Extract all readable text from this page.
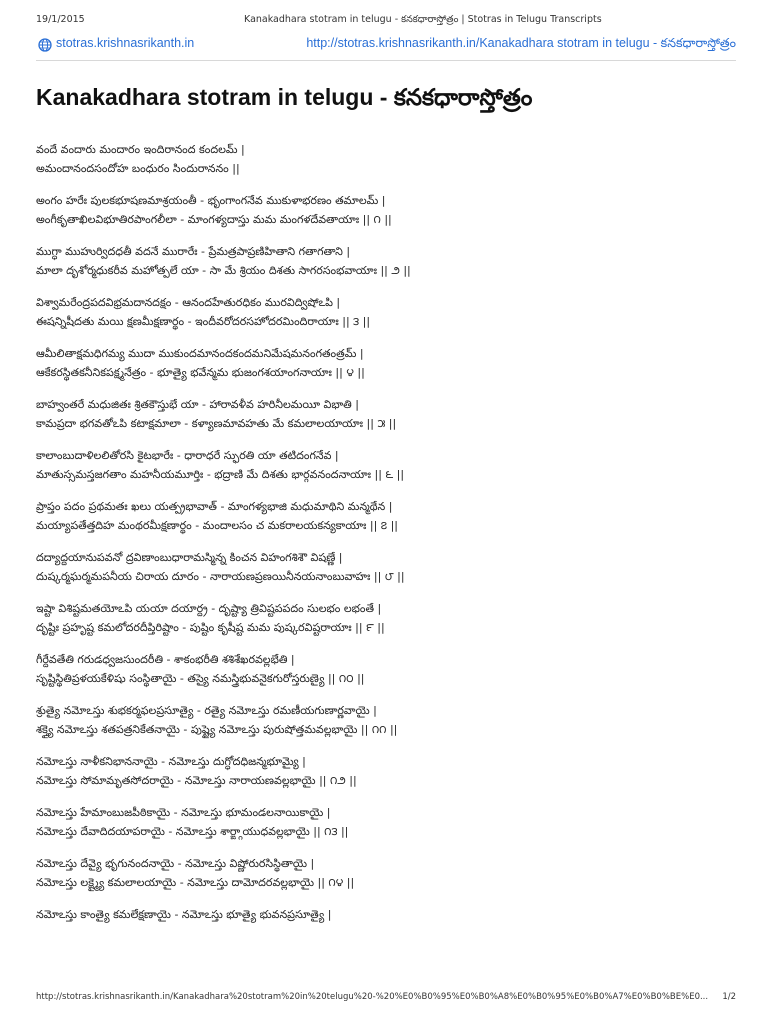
19/1/2015	Kanakadhara stotram in telugu - కనకధారాస్తోత్రం | Stotras in Telugu Transcripts
stotras.krishnasrikanth.in	http://stotras.krishnasrikanth.in/Kanakadhara stotram in telugu - కనకధారాస్తోత్రం
Kanakadhara stotram in telugu - కనకధారాస్తోత్రం
వందే వందారు మందారం ఇందిరానంద కందలమ్ |
అమందానందసందోహ బంధురం సిందురాననం ||
అంగం హరేః పులకభూషణమాశ్రయంతీ - భృంగాంగనేవ ముకుళాభరణం తమాలమ్ |
అంగీకృతాఖిలవిభూతిరపాంగలీలా - మాంగళ్యదాస్తు మమ మంగళదేవతాయాః || ౧ ||
ముగ్ధా ముహుర్విదధతీ వదనే మురారేః - ప్రేమత్రపాప్రణిహితాని గతాగతాని |
మాలా దృశోర్మధుకరీవ మహోత్పలే యా - సా మే శ్రియం దిశతు సాగరసంభవాయాః || ౨ ||
విశ్వామరేంద్రపదవిభ్రమదానదక్షం - ఆనందహేతురధికం మురవిద్విషోఽపి |
ఈషన్నిషీదతు మయి క్షణమీక్షణార్థం - ఇందీవరోదరసహోదరమిందిరాయాః || ౩ ||
ఆమీలితాక్షమధిగమ్య ముదా ముకుందమానందకందమనిమేషమనంగతంత్రమ్ |
ఆకేకరస్థితకనీనికపక్ష్మనేత్రం - భూత్యై భవేన్మమ భుజంగశయాంగనాయాః || ౪ ||
బాహ్వంతరే మధుజితః శ్రితకౌస్తుభే యా - హారావళీవ హరినీలమయీ విభాతి |
కామప్రదా భగవతోఽపి కటాక్షమాలా - కళ్యాణమావహతు మే కమలాలయాయాః || ౫ ||
కాలాంబుదాళిలలితోరసి కైటభారేః - ధారాధరే స్ఫురతి యా తటిదంగనేవ |
మాతుస్సమస్తజగతాం మహనీయమూర్తిః - భద్రాణి మే దిశతు భార్గవనందనాయాః || ౬ ||
ప్రాప్తం పదం ప్రథమతః ఖలు యత్ప్రభావాత్ - మాంగళ్యభాజి మధుమాథిని మన్మథేన |
మయ్యాపతేత్తదిహ మంథరమీక్షణార్థం - మందాలసం చ మకరాలయకన్యకాయాః || ౭ ||
దద్యాద్దయానుపవనో ద్రవిణాంబుధారామస్మిన్న కించన విహంగశిశౌ విషణ్ణే |
దుష్కర్మఘర్మమపనీయ చిరాయ దూరం - నారాయణప్రణయినీనయనాంబువాహః || ౮ ||
ఇష్టా విశిష్టమతయోఽపి యయా దయార్ద్ర - దృష్ట్యా త్రివిష్టపపదం సులభం లభంతే |
దృష్టిః ప్రహృష్ట కమలోదరదీప్తిరిష్టాం - పుష్టిం కృషీష్ట మమ పుష్కరవిష్టరాయాః || ౯ ||
గీర్దేవతేతి గరుడధ్వజసుందరీతి - శాకంభరీతి శశిశేఖరవల్లభేతి |
సృష్టిస్థితిప్రళయకేళిషు సంస్థితాయై - తస్యై నమస్త్రిభువనైకగురోస్తరుణ్యై || ౧౦ ||
శ్రుత్యై నమోఽస్తు శుభకర్మఫలప్రసూత్యై - రత్యై నమోఽస్తు రమణీయగుణార్ణవాయై |
శక్త్యై నమోఽస్తు శతపత్రనికేతనాయై - పుష్ట్యై నమోఽస్తు పురుషోత్తమవల్లభాయై || ౧౧ ||
నమోఽస్తు నాళీకనిభాననాయై - నమోఽస్తు దుగ్ధోదధిజన్మభూమ్యై |
నమోఽస్తు సోమామృతసోదరాయై - నమోఽస్తు నారాయణవల్లభాయై || ౧౨ ||
నమోఽస్తు హేమాంబుజపీఠికాయై - నమోఽస్తు భూమండలనాయికాయై |
నమోఽస్తు దేవాదిదయాపరాయై - నమోఽస్తు శార్ఙ్గాయుధవల్లభాయై || ౧౩ ||
నమోఽస్తు దేవ్యై భృగునందనాయై - నమోఽస్తు విష్ణోరురసిస్థితాయై |
నమోఽస్తు లక్ష్మ్యై కమలాలయాయై - నమోఽస్తు దామోదరవల్లభాయై || ౧౪ ||
నమోఽస్తు కాంత్యై కమలేక్షణాయై - నమోఽస్తు భూత్యై భువనప్రసూత్యై |
http://stotras.krishnasrikanth.in/Kanakadhara%20stotram%20in%20telugu%20-%20%E0%B0%95%E0%B0%A8%E0%B0%95%E0%B0%A7%E0%B0%BE%E0... 1/2
